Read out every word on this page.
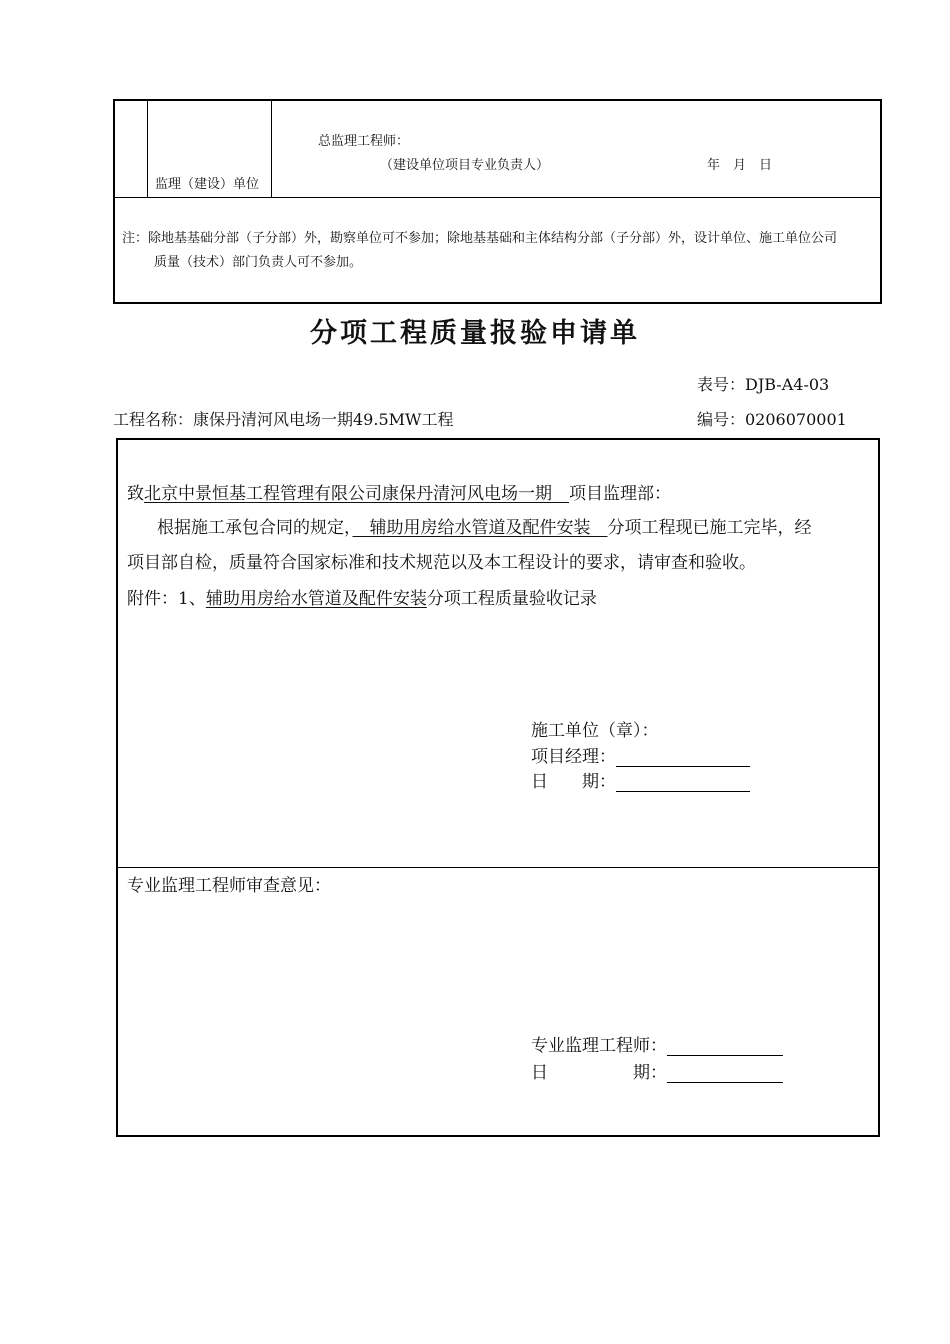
总监理工程师：
（建设单位项目专业负责人）	年　月　日
监理（建设）单位
注：除地基基础分部（子分部）外，勘察单位可不参加；除地基基础和主体结构分部（子分部）外，设计单位、施工单位公司
质量（技术）部门负责人可不参加。
分项工程质量报验申请单
表号：DJB-A4-03
工程名称：康保丹清河风电场一期49.5MW工程	编号：0206070001
致北京中景恒基工程管理有限公司康保丹清河风电场一期　项目监理部：
根据施工承包合同的规定，　辅助用房给水管道及配件安装　分项工程现已施工完毕，经
项目部自检，质量符合国家标准和技术规范以及本工程设计的要求，请审查和验收。
附件：1、辅助用房给水管道及配件安装分项工程质量验收记录
施工单位（章）：
项目经理：
日　　期：
专业监理工程师审查意见：
专业监理工程师：
日　　　　　期：
